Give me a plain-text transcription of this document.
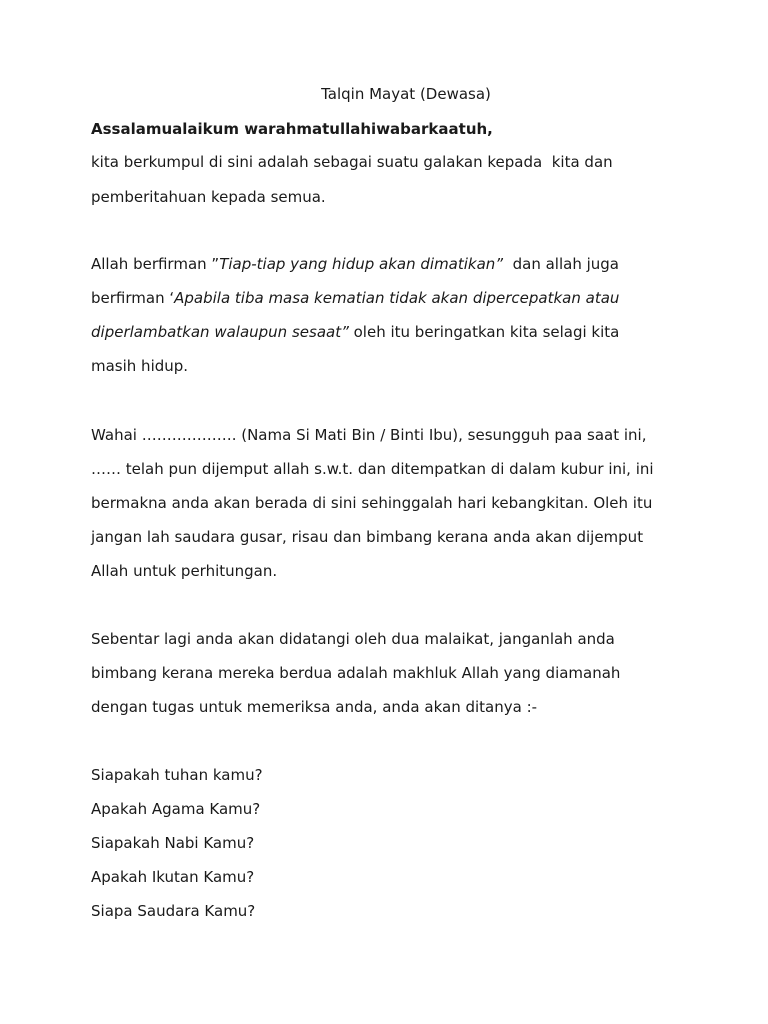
Talqin Mayat (Dewasa)
Assalamualaikum warahmatullahiwabarkaatuh,
kita berkumpul di sini adalah sebagai suatu galakan kepada  kita dan
pemberitahuan kepada semua.
Allah berfirman ”Tiap-tiap yang hidup akan dimatikan”  dan allah juga
berfirman ‘Apabila tiba masa kematian tidak akan dipercepatkan atau
diperlambatkan walaupun sesaat” oleh itu beringatkan kita selagi kita
masih hidup.
Wahai ………………. (Nama Si Mati Bin / Binti Ibu), sesungguh paa saat ini,
…… telah pun dijemput allah s.w.t. dan ditempatkan di dalam kubur ini, ini
bermakna anda akan berada di sini sehinggalah hari kebangkitan. Oleh itu
jangan lah saudara gusar, risau dan bimbang kerana anda akan dijemput
Allah untuk perhitungan.
Sebentar lagi anda akan didatangi oleh dua malaikat, janganlah anda
bimbang kerana mereka berdua adalah makhluk Allah yang diamanah
dengan tugas untuk memeriksa anda, anda akan ditanya :-
Siapakah tuhan kamu?
Apakah Agama Kamu?
Siapakah Nabi Kamu?
Apakah Ikutan Kamu?
Siapa Saudara Kamu?
